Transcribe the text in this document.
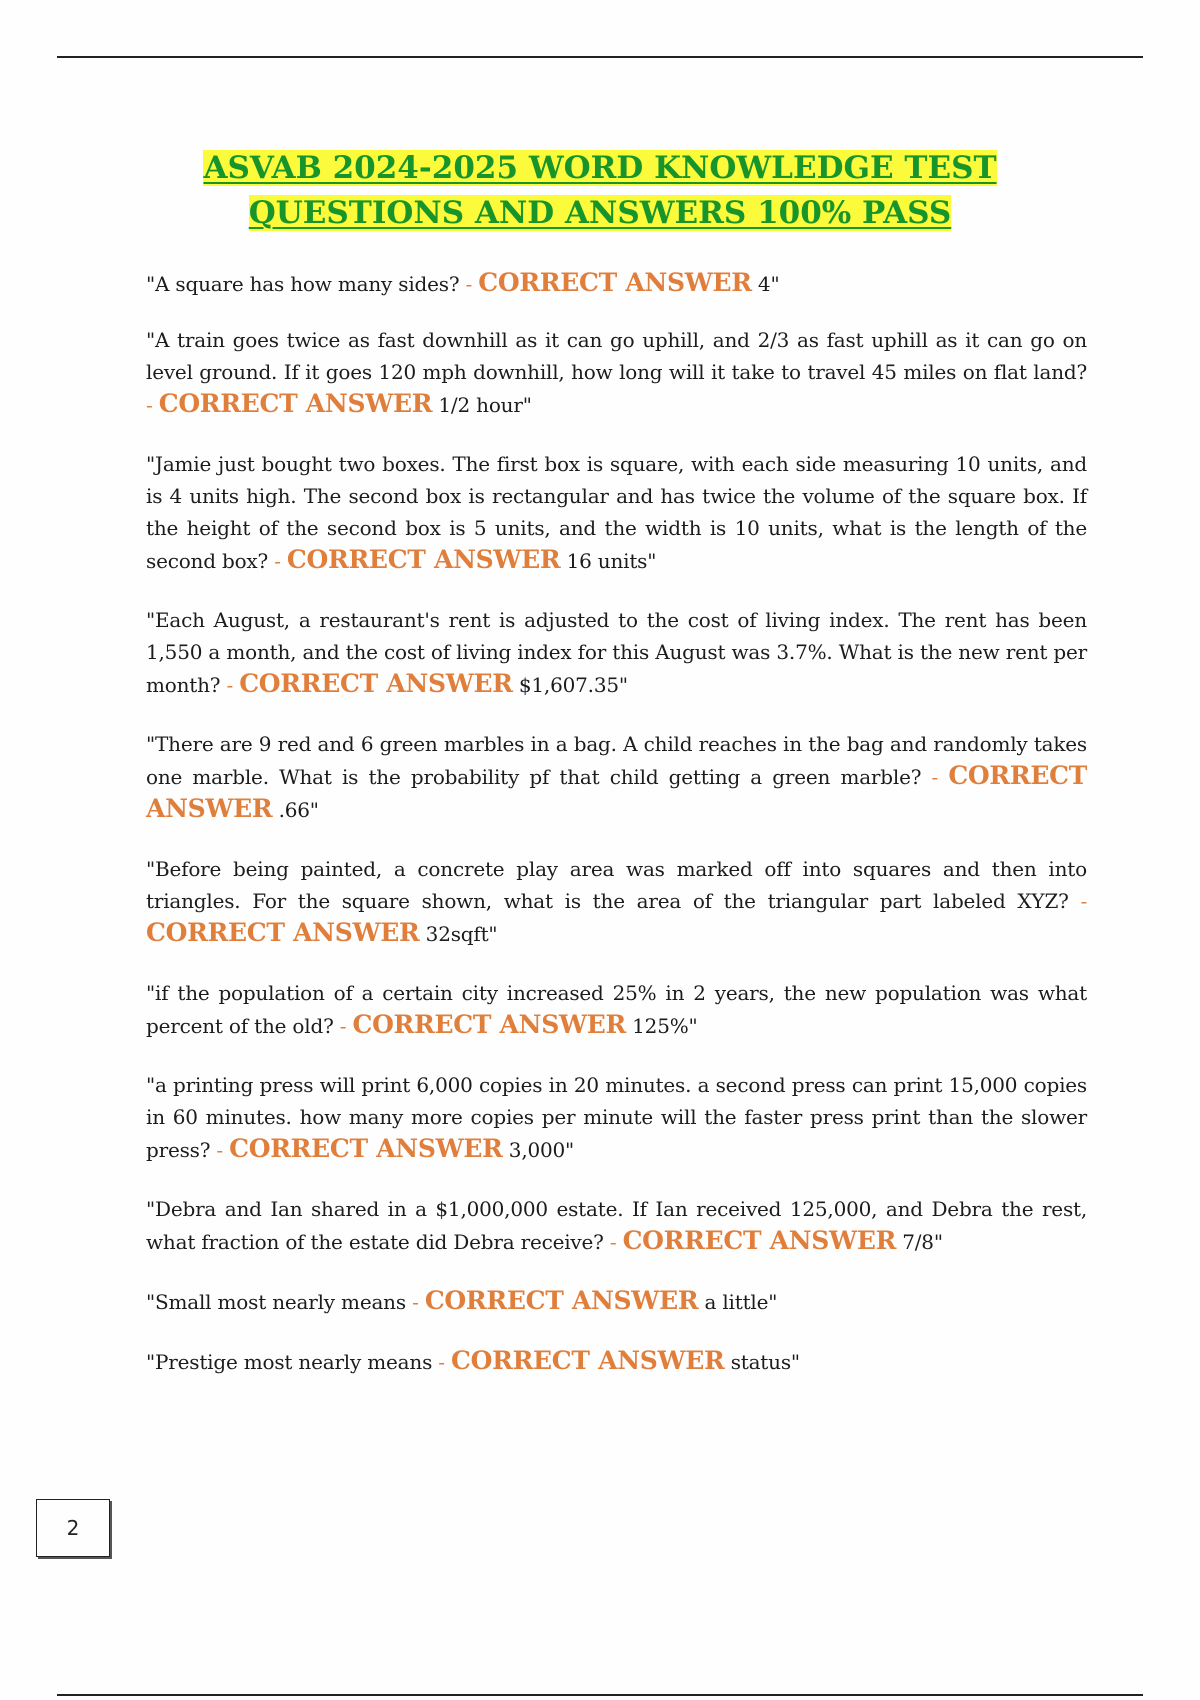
ASVAB 2024-2025 WORD KNOWLEDGE TEST
QUESTIONS AND ANSWERS 100% PASS

"A square has how many sides? - CORRECT ANSWER 4"

"A train goes twice as fast downhill as it can go uphill, and 2/3 as fast uphill as it can go on level ground. If it goes 120 mph downhill, how long will it take to travel 45 miles on flat land? - CORRECT ANSWER 1/2 hour"

"Jamie just bought two boxes. The first box is square, with each side measuring 10 units, and is 4 units high. The second box is rectangular and has twice the volume of the square box. If the height of the second box is 5 units, and the width is 10 units, what is the length of the second box? - CORRECT ANSWER 16 units"

"Each August, a restaurant's rent is adjusted to the cost of living index. The rent has been 1,550 a month, and the cost of living index for this August was 3.7%. What is the new rent per month? - CORRECT ANSWER $1,607.35"

"There are 9 red and 6 green marbles in a bag. A child reaches in the bag and randomly takes one marble. What is the probability pf that child getting a green marble? - CORRECT ANSWER .66"

"Before being painted, a concrete play area was marked off into squares and then into triangles. For the square shown, what is the area of the triangular part labeled XYZ? - CORRECT ANSWER 32sqft"

"if the population of a certain city increased 25% in 2 years, the new population was what percent of the old? - CORRECT ANSWER 125%"

"a printing press will print 6,000 copies in 20 minutes. a second press can print 15,000 copies in 60 minutes. how many more copies per minute will the faster press print than the slower press? - CORRECT ANSWER 3,000"

"Debra and Ian shared in a $1,000,000 estate. If Ian received 125,000, and Debra the rest, what fraction of the estate did Debra receive? - CORRECT ANSWER 7/8"

"Small most nearly means - CORRECT ANSWER a little"

"Prestige most nearly means - CORRECT ANSWER status"

2
